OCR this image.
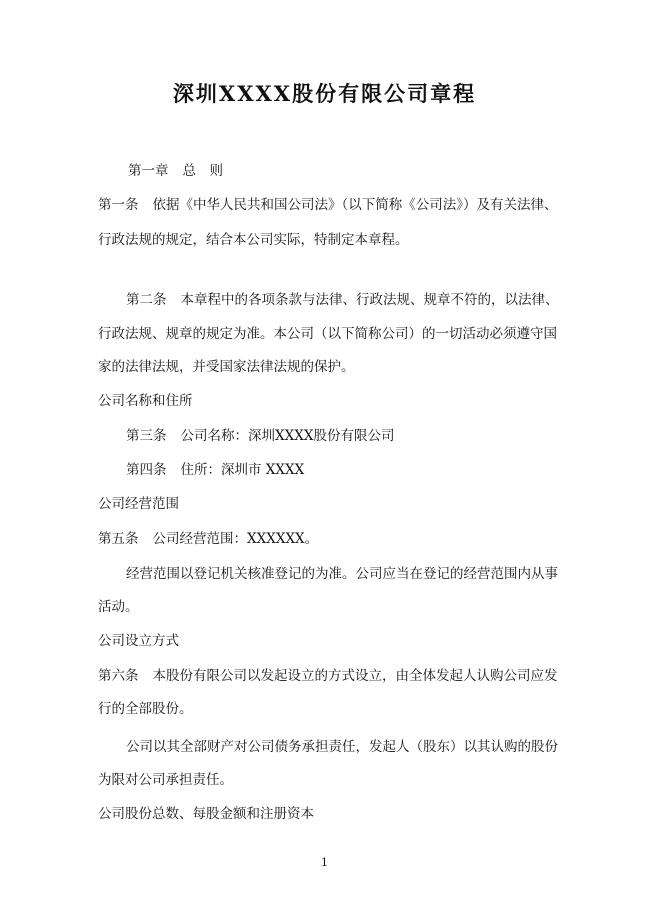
深圳XXXX股份有限公司章程

第一章 总　则

第一条 依据《中华人民共和国公司法》（以下简称《公司法》）及有关法律、

行政法规的规定，结合本公司实际，特制定本章程。

第二条 本章程中的各项条款与法律、行政法规、规章不符的，以法律、

行政法规、规章的规定为准。本公司（以下简称公司）的一切活动必须遵守国

家的法律法规，并受国家法律法规的保护。

公司名称和住所

第三条 公司名称：深圳XXXX股份有限公司

第四条 住所：深圳市 XXXX

公司经营范围

第五条 公司经营范围：XXXXXX。

经营范围以登记机关核准登记的为准。公司应当在登记的经营范围内从事

活动。

公司设立方式

第六条 本股份有限公司以发起设立的方式设立，由全体发起人认购公司应发

行的全部股份。

公司以其全部财产对公司债务承担责任，发起人（股东）以其认购的股份

为限对公司承担责任。

公司股份总数、每股金额和注册资本

1
